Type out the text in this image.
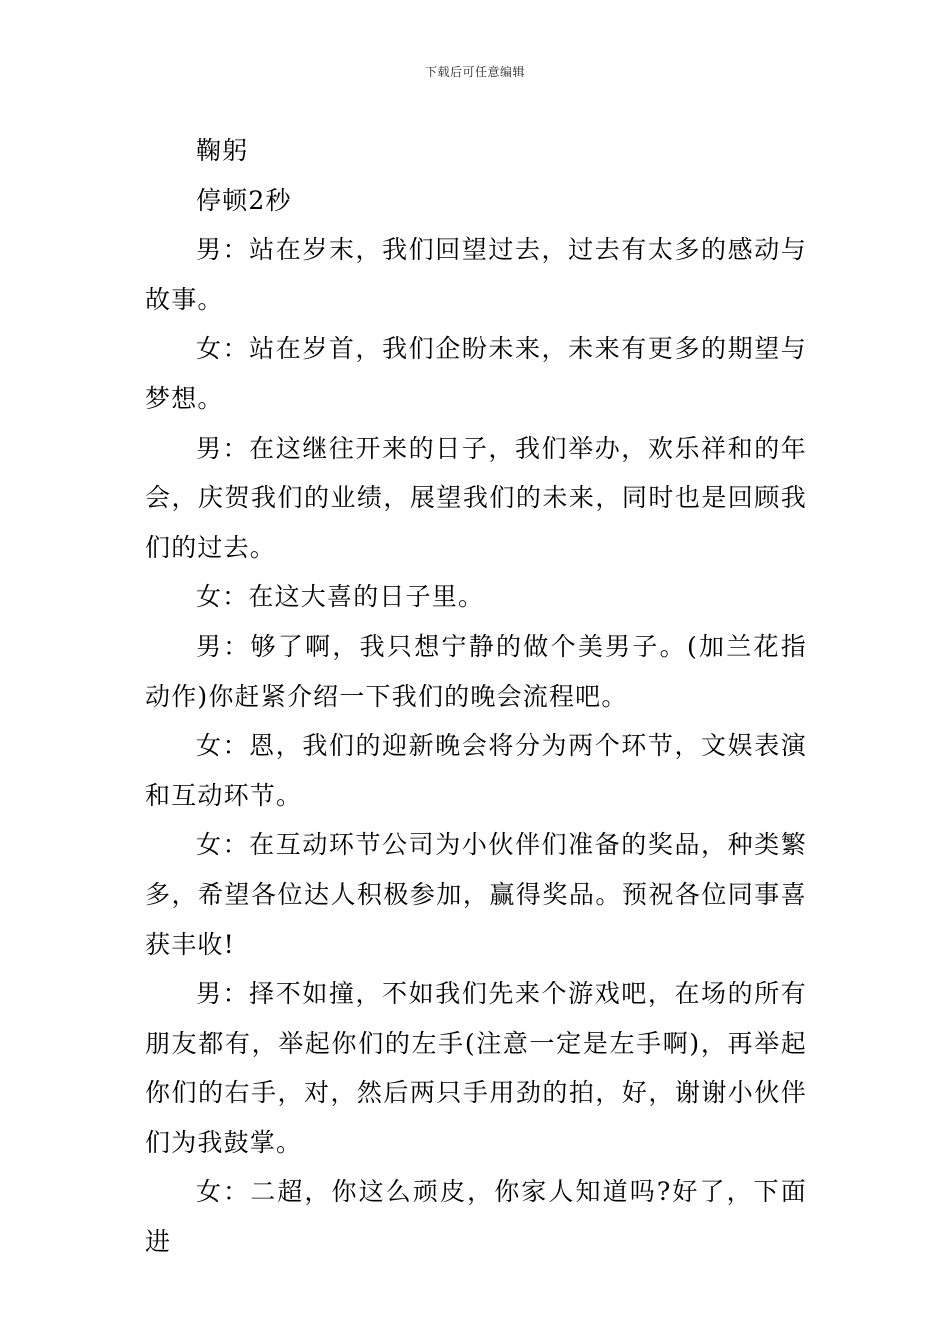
下载后可任意编辑

鞠躬

停顿2秒

男：站在岁末，我们回望过去，过去有太多的感动与故事。

女：站在岁首，我们企盼未来，未来有更多的期望与梦想。

男：在这继往开来的日子，我们举办，欢乐祥和的年会，庆贺我们的业绩，展望我们的未来，同时也是回顾我们的过去。

女：在这大喜的日子里。

男：够了啊，我只想宁静的做个美男子。(加兰花指动作)你赶紧介绍一下我们的晚会流程吧。

女：恩，我们的迎新晚会将分为两个环节，文娱表演和互动环节。

女：在互动环节公司为小伙伴们准备的奖品，种类繁多，希望各位达人积极参加，赢得奖品。预祝各位同事喜获丰收!

男：择不如撞，不如我们先来个游戏吧，在场的所有朋友都有，举起你们的左手(注意一定是左手啊)，再举起你们的右手，对，然后两只手用劲的拍，好，谢谢小伙伴们为我鼓掌。

女：二超，你这么顽皮，你家人知道吗?好了，下面进
